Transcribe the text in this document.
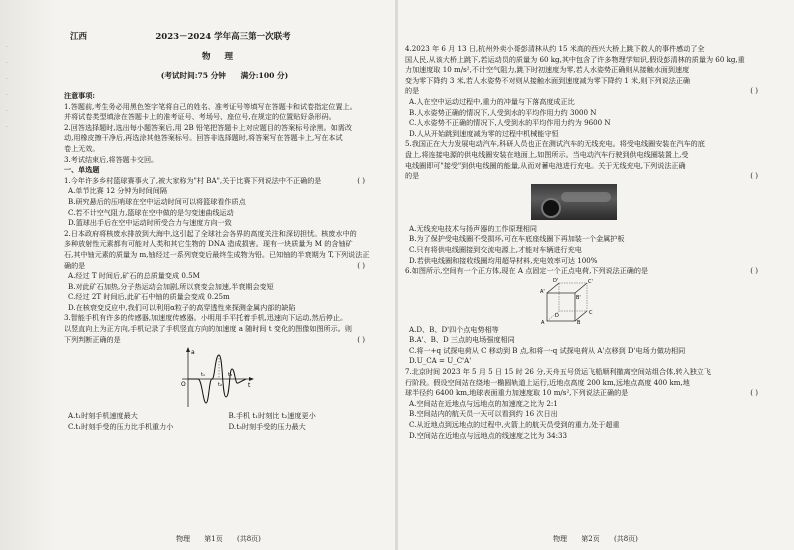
·
·
·
·
·
·
江西	2023－2024 学年高三第一次联考
物理
(考试时间:75 分钟 满分:100 分)
注意事项:

1.答题前,考生务必用黑色签字笔将自己的姓名、准考证号等填写在答题卡和试卷指定位置上。

并将试卷类型填涂在答题卡上的准考证号、考场号、座位号,在规定的位置贴好条形码。

2.回答选择题时,选出每小题答案后,用 2B 铅笔把答题卡上对应题目的答案标号涂黑。如需改

动,用橡皮擦干净后,再选涂其他答案标号。回答非选择题时,将答案写在答题卡上,写在本试

卷上无效。

3.考试结束后,将答题卡交回。

一、单选题

1.今年许多乡村篮球赛事火了,被大家称为"村 BA",关于比赛下列说法中不正确的是	( )

A.单节比赛 12 分钟为时间间隔

B.研究悬后的压哨球在空中运动时间可以将篮球看作质点

C.若不计空气阻力,篮球在空中做的是匀变速曲线运动

D.篮球出手后在空中运动时所受合力与速度方向一致

2.日本政府将核废水排放到大海中,这引起了全球社会各界的高度关注和深切担忧。核废水中的

多种放射性元素都有可能对人类和其它生物的 DNA 造成损害。现有一块质量为 M 的含铀矿

石,其中铀元素的质量为 m,铀经过一系列衰变后最终生成物为铅。已知铀的半衰期为 T,下列说法正

确的是	( )

A.经过 T 时间后,矿石的总质量变成 0.5M

B.对此矿石加热,分子热运动会加剧,所以衰变会加速,半衰期会变短

C.经过 2T 时间后,此矿石中铀的质量会变成 0.25m

D.在核衰变反应中,我们可以利用α粒子的高穿透性来探测金属内部的缺陷

3.智能手机有许多的传感器,加速度传感器。小明用手平托着手机,迅速向下运动,然后停止。

以竖直向上为正方向,手机记录了手机竖直方向的加速度 a 随时间 t 变化的图像如图所示。则

下列判断正确的是	( )

a
t
O
t₁
t₂
t₃

A.t₁时刻手机速度最大	B.手机 t₁时刻比 t₂速度更小

C.t₁时刻手受的压力比手机重力小	D.t₃时刻手受的压力最大

物理 第1页 (共8页)

4.2023 年 6 月 13 日,杭州外卖小哥彭清林从约 15 米高的西兴大桥上跳下救人的事件感动了全

国人民,从该大桥上跳下,若运动员的质量为 60 kg,其中包含了许多物理学知识,假设彭清林的质量为 60 kg,重

力加速度取 10 m/s²,不计空气阻力,跳下时初速度为零,若人水姿势正确则从接触水面到速度

变为零下降约 3 米,若人水姿势不对则从接触水面到速度减为零下降约 1 米,则下列说法正确

的是	( )

A.人在空中运动过程中,重力的冲量与下落高度成正比

B.人水姿势正确的情况下,人受到水的平均作用力约 3000 N

C.人水姿势不正确的情况下,人受到水的平均作用力约为 9600 N

D.人从开始跳到速度减为零的过程中机械能守恒

5.我国正在大力发展电动汽车,科研人员也正在测试汽车的无线充电。将受电线圈安装在汽车的底

盘上,将连接电源的供电线圈安装在地面上,如图所示。当电动汽车行驶到供电线圈装置上,受

电线圈即可"接受"到供电线圈的能量,从而对蓄电池进行充电。关于无线充电,下列说法正确

的是	( )

A.无线充电技术与扬声器的工作原理相同

B.为了保护受电线圈不受损坏,可在车底座线圈下再加装一个金属护板

C.只有将供电线圈接到交流电源上,才能对车辆进行充电

D.若供电线圈和接收线圈均用超导材料,充电效率可达 100%

6.如图所示,空间有一个正方体,现在 A 点固定一个正点电荷,下列说法正确的是	( )

A	B
C
D
A'
B'
C'
D'

A.D、B、D'四个点电势相等

B.A'、B、D 三点的电场强度相同

C.将一+q 试探电荷从 C 移动到 B 点,和将一-q 试探电荷从 A'点移到 D'电场力做功相同

D.U_CA = U_C'A'

7.北京时间 2023 年 5 月 5 日 15 时 26 分,天舟五号货运飞船顺利撤离空间站组合体,转入独立飞

行阶段。假设空间站在绕地一椭圆轨道上运行,近地点高度 200 km,远地点高度 400 km,地

球半径约 6400 km,地球表面重力加速度取 10 m/s²,下列说法正确的是	( )

A.空间站在近地点与远地点的加速度之比为 2:1

B.空间站内的航天员一天可以看到约 16 次日出

C.从近地点到远地点的过程中,火箭上的航天员受到的重力,处于超重

D.空间站在近地点与远地点的线速度之比为 34:33

物理 第2页 (共8页)
